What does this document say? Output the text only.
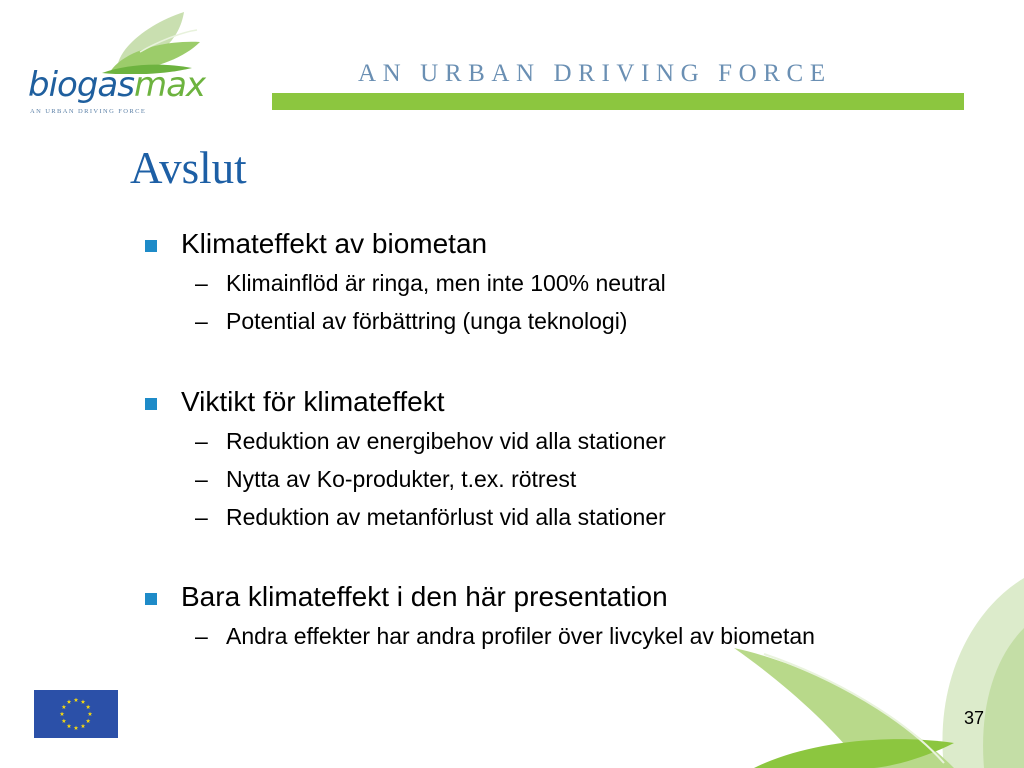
biogasmax
AN URBAN DRIVING FORCE
AN URBAN DRIVING FORCE
Avslut
Klimateffekt av biometan
– Klimainflöd är ringa, men inte 100% neutral
– Potential av förbättring (unga teknologi)
Viktikt för klimateffekt
– Reduktion av energibehov vid alla stationer
– Nytta av Ko-produkter, t.ex. rötrest
– Reduktion av metanförlust vid alla stationer
Bara klimateffekt i den här presentation
– Andra effekter har andra profiler över livcykel av biometan
37
